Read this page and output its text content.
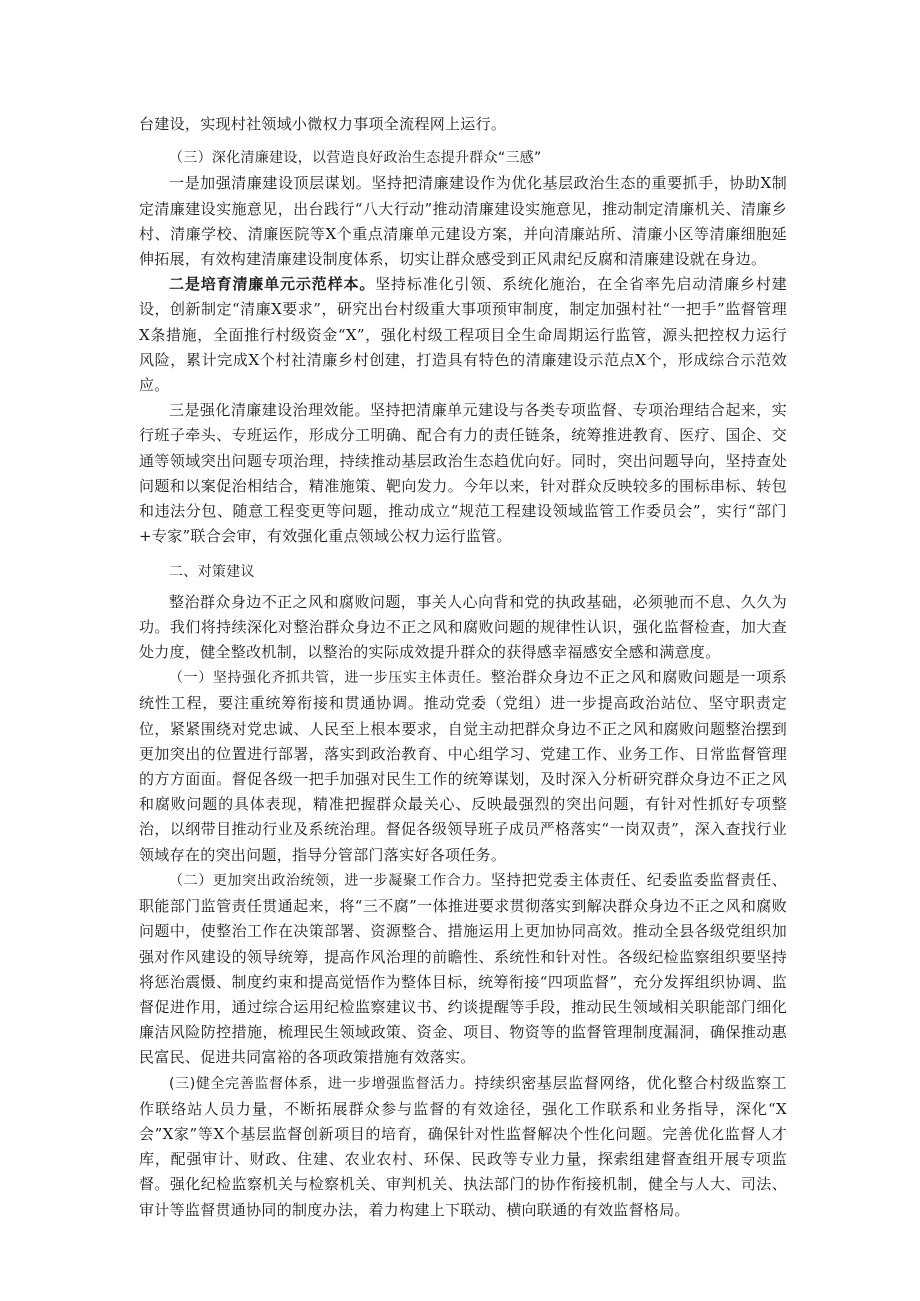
台建设，实现村社领域小微权力事项全流程网上运行。

（三）深化清廉建设，以营造良好政治生态提升群众“三感”

一是加强清廉建设顶层谋划。坚持把清廉建设作为优化基层政治生态的重要抓手，协助X制定清廉建设实施意见，出台践行“八大行动”推动清廉建设实施意见，推动制定清廉机关、清廉乡村、清廉学校、清廉医院等X个重点清廉单元建设方案，并向清廉站所、清廉小区等清廉细胞延伸拓展，有效构建清廉建设制度体系，切实让群众感受到正风肃纪反腐和清廉建设就在身边。

二是培育清廉单元示范样本。坚持标准化引领、系统化施治，在全省率先启动清廉乡村建设，创新制定“清廉X要求”，研究出台村级重大事项预审制度，制定加强村社“一把手”监督管理X条措施，全面推行村级资金“X”，强化村级工程项目全生命周期运行监管，源头把控权力运行风险，累计完成X个村社清廉乡村创建，打造具有特色的清廉建设示范点X个，形成综合示范效应。

三是强化清廉建设治理效能。坚持把清廉单元建设与各类专项监督、专项治理结合起来，实行班子牵头、专班运作，形成分工明确、配合有力的责任链条，统筹推进教育、医疗、国企、交通等领域突出问题专项治理，持续推动基层政治生态趋优向好。同时，突出问题导向，坚持查处问题和以案促治相结合，精准施策、靶向发力。今年以来，针对群众反映较多的围标串标、转包和违法分包、随意工程变更等问题，推动成立“规范工程建设领域监管工作委员会”，实行“部门+专家”联合会审，有效强化重点领域公权力运行监管。

二、对策建议

整治群众身边不正之风和腐败问题，事关人心向背和党的执政基础，必须驰而不息、久久为功。我们将持续深化对整治群众身边不正之风和腐败问题的规律性认识，强化监督检查，加大查处力度，健全整改机制，以整治的实际成效提升群众的获得感幸福感安全感和满意度。

（一）坚持强化齐抓共管，进一步压实主体责任。整治群众身边不正之风和腐败问题是一项系统性工程，要注重统筹衔接和贯通协调。推动党委（党组）进一步提高政治站位、坚守职责定位，紧紧围绕对党忠诚、人民至上根本要求，自觉主动把群众身边不正之风和腐败问题整治摆到更加突出的位置进行部署，落实到政治教育、中心组学习、党建工作、业务工作、日常监督管理的方方面面。督促各级一把手加强对民生工作的统筹谋划，及时深入分析研究群众身边不正之风和腐败问题的具体表现，精准把握群众最关心、反映最强烈的突出问题，有针对性抓好专项整治，以纲带目推动行业及系统治理。督促各级领导班子成员严格落实“一岗双责”，深入查找行业领域存在的突出问题，指导分管部门落实好各项任务。

（二）更加突出政治统领，进一步凝聚工作合力。坚持把党委主体责任、纪委监委监督责任、职能部门监管责任贯通起来，将“三不腐”一体推进要求贯彻落实到解决群众身边不正之风和腐败问题中，使整治工作在决策部署、资源整合、措施运用上更加协同高效。推动全县各级党组织加强对作风建设的领导统筹，提高作风治理的前瞻性、系统性和针对性。各级纪检监察组织要坚持将惩治震慑、制度约束和提高觉悟作为整体目标，统筹衔接“四项监督”，充分发挥组织协调、监督促进作用，通过综合运用纪检监察建议书、约谈提醒等手段，推动民生领域相关职能部门细化廉洁风险防控措施，梳理民生领域政策、资金、项目、物资等的监督管理制度漏洞，确保推动惠民富民、促进共同富裕的各项政策措施有效落实。

(三)健全完善监督体系，进一步增强监督活力。持续织密基层监督网络，优化整合村级监察工作联络站人员力量，不断拓展群众参与监督的有效途径，强化工作联系和业务指导，深化“X会”X家”等X个基层监督创新项目的培育，确保针对性监督解决个性化问题。完善优化监督人才库，配强审计、财政、住建、农业农村、环保、民政等专业力量，探索组建督查组开展专项监督。强化纪检监察机关与检察机关、审判机关、执法部门的协作衔接机制，健全与人大、司法、审计等监督贯通协同的制度办法，着力构建上下联动、横向联通的有效监督格局。
